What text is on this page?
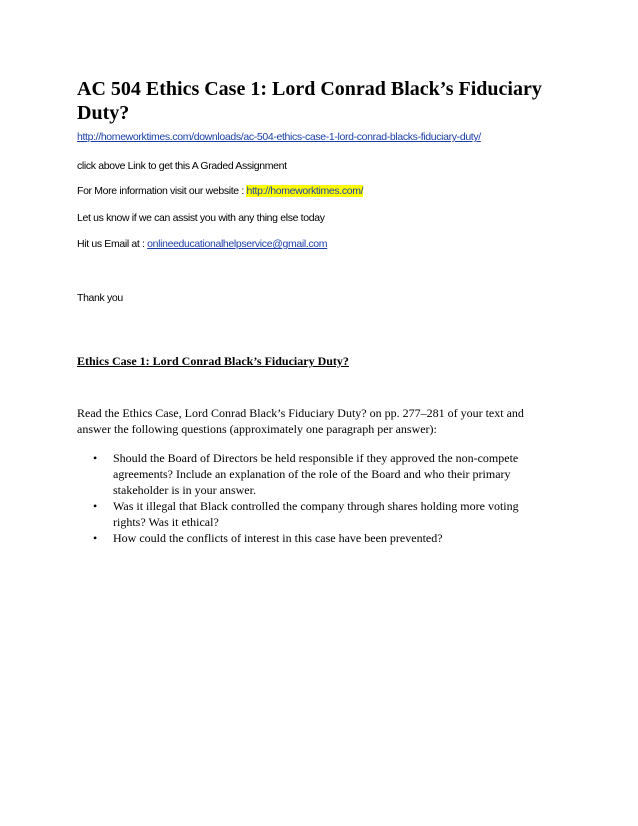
AC 504 Ethics Case 1: Lord Conrad Black’s Fiduciary Duty?
http://homeworktimes.com/downloads/ac-504-ethics-case-1-lord-conrad-blacks-fiduciary-duty/
click above Link to get this A Graded Assignment
For More information visit our website : http://homeworktimes.com/
Let us know if we can assist you with any thing else today
Hit us Email at : onlineeducationalhelpservice@gmail.com
Thank you
Ethics Case 1: Lord Conrad Black’s Fiduciary Duty?

Read the Ethics Case, Lord Conrad Black’s Fiduciary Duty? on pp. 277–281 of your text and answer the following questions (approximately one paragraph per answer):

• Should the Board of Directors be held responsible if they approved the non-compete agreements? Include an explanation of the role of the Board and who their primary stakeholder is in your answer.
• Was it illegal that Black controlled the company through shares holding more voting rights? Was it ethical?
• How could the conflicts of interest in this case have been prevented?
